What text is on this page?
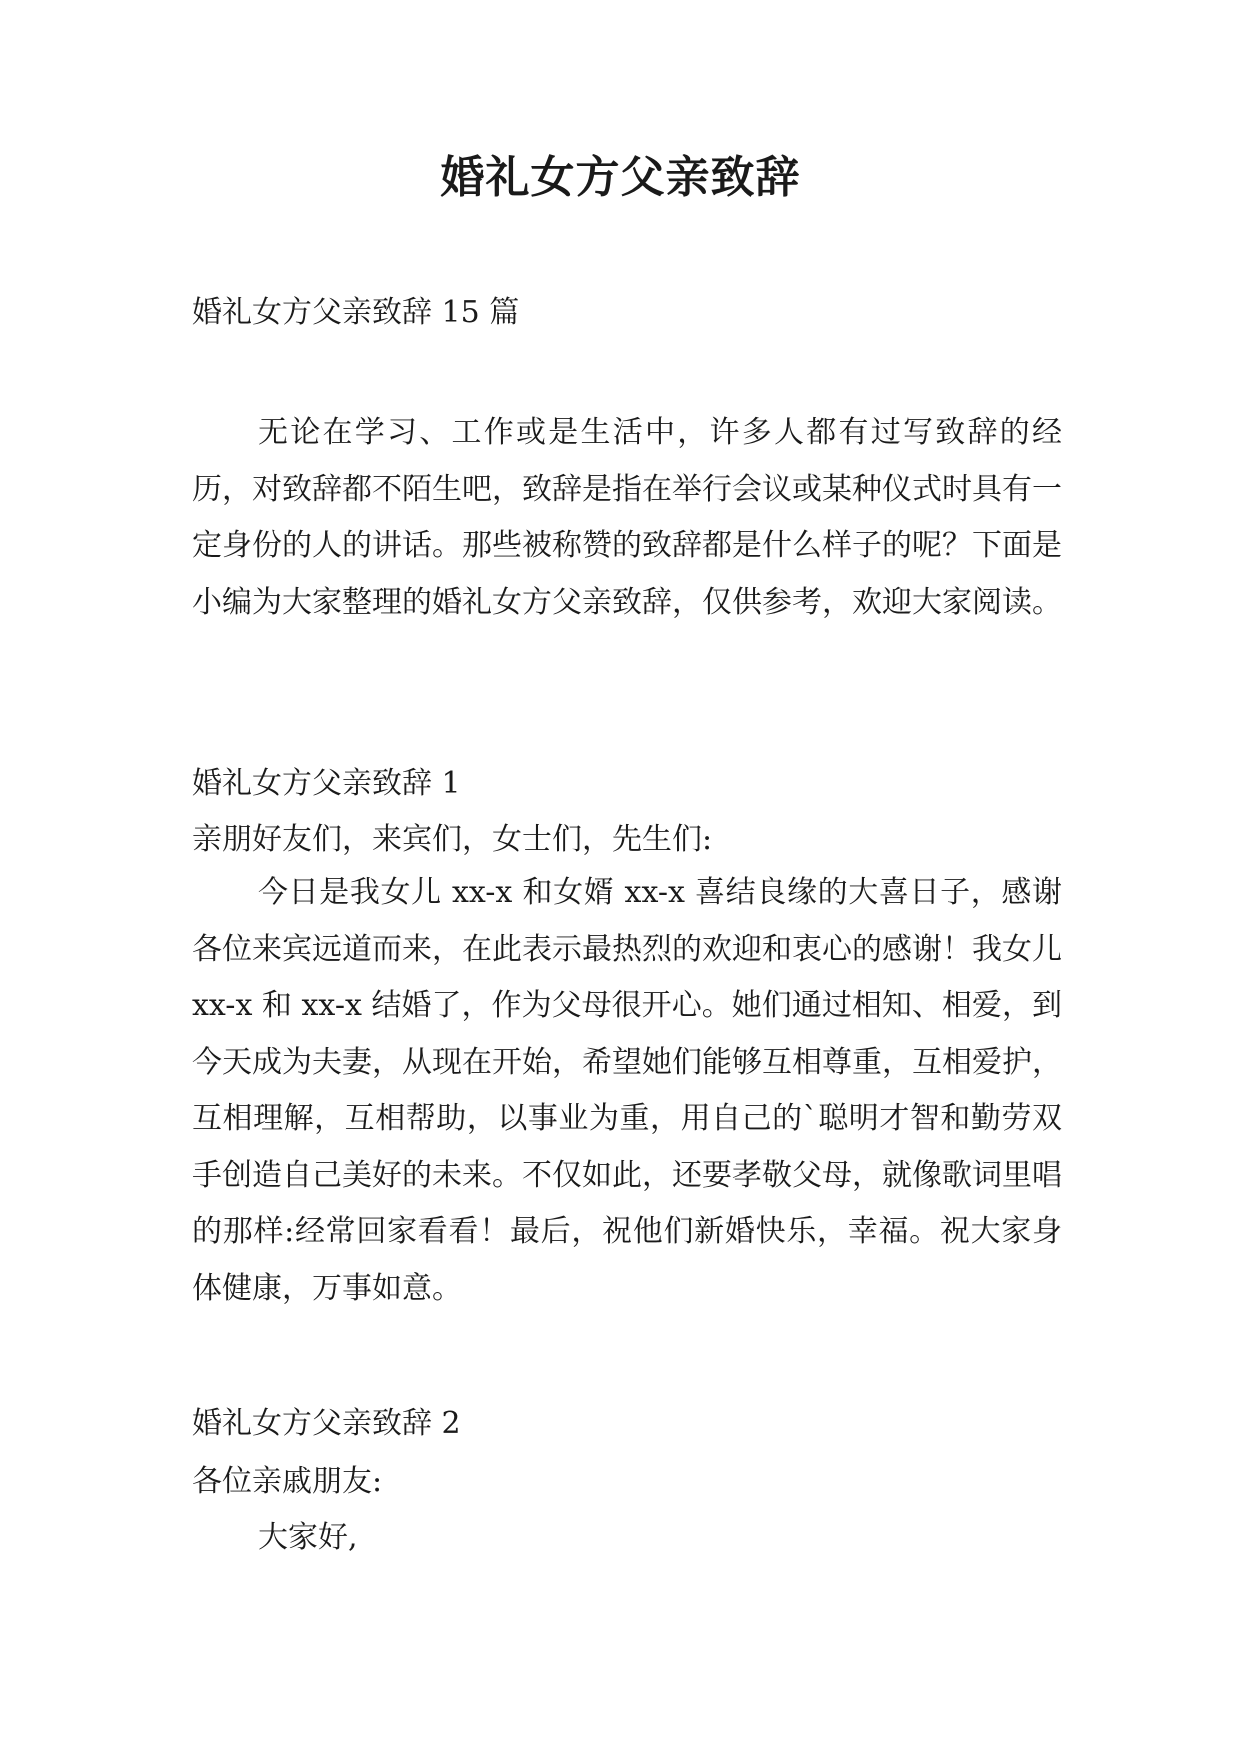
婚礼女方父亲致辞
婚礼女方父亲致辞 15 篇

无论在学习、工作或是生活中，许多人都有过写致辞的经历，对致辞都不陌生吧，致辞是指在举行会议或某种仪式时具有一定身份的人的讲话。那些被称赞的致辞都是什么样子的呢？下面是小编为大家整理的婚礼女方父亲致辞，仅供参考，欢迎大家阅读。

婚礼女方父亲致辞 1
亲朋好友们，来宾们，女士们，先生们:

今日是我女儿 xx-x 和女婿 xx-x 喜结良缘的大喜日子，感谢各位来宾远道而来，在此表示最热烈的欢迎和衷心的感谢！我女儿 xx-x 和 xx-x 结婚了，作为父母很开心。她们通过相知、相爱，到今天成为夫妻，从现在开始，希望她们能够互相尊重，互相爱护，互相理解，互相帮助，以事业为重，用自己的`聪明才智和勤劳双手创造自己美好的未来。不仅如此，还要孝敬父母，就像歌词里唱的那样:经常回家看看！最后，祝他们新婚快乐，幸福。祝大家身体健康，万事如意。

婚礼女方父亲致辞 2
各位亲戚朋友:
大家好,
